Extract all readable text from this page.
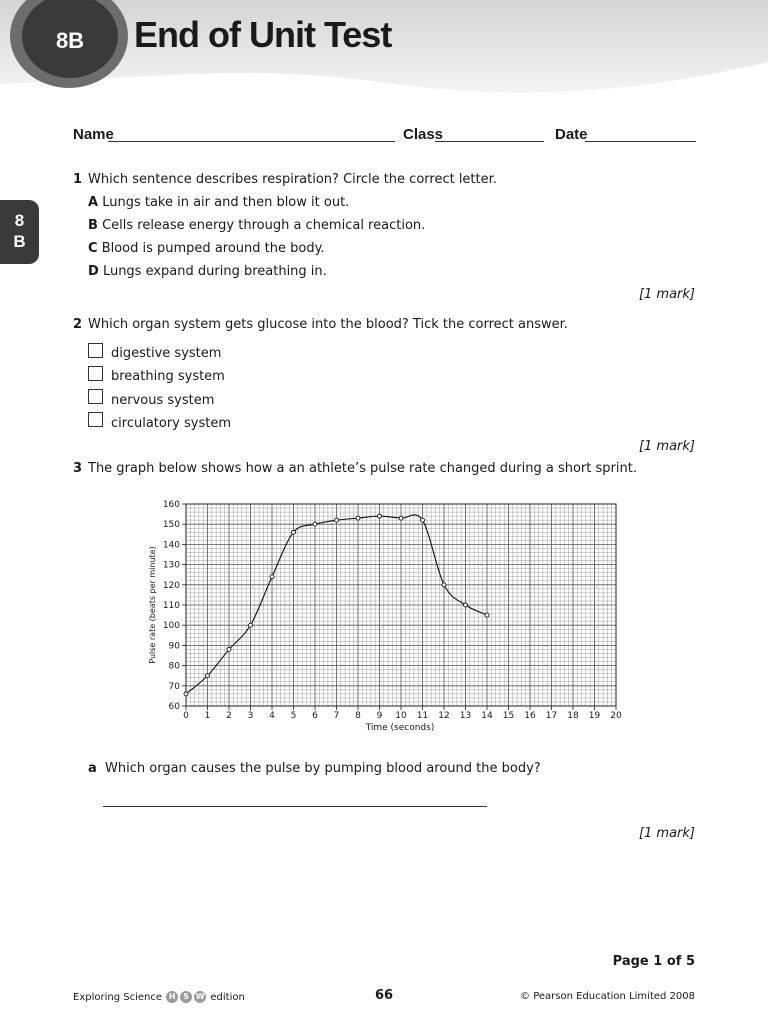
8B	End of Unit Test
8
B
Name	Class	Date
1 Which sentence describes respiration? Circle the correct letter.
A Lungs take in air and then blow it out.
B Cells release energy through a chemical reaction.
C Blood is pumped around the body.
D Lungs expand during breathing in.
[1 mark]
2 Which organ system gets glucose into the blood? Tick the correct answer.
digestive system
breathing system
nervous system
circulatory system
[1 mark]
3 The graph below shows how a an athlete’s pulse rate changed during a short sprint.
60
70
80
90
100
110
120
130
140
150
160
0 1 2 3 4 5 6 7 8 9 10 11 12 13 14 15 16 17 18 19 20
Time (seconds)
Pulse rate (beats per minute)
a Which organ causes the pulse by pumping blood around the body?
[1 mark]
Page 1 of 5
Exploring Science H S W edition	66	© Pearson Education Limited 2008
